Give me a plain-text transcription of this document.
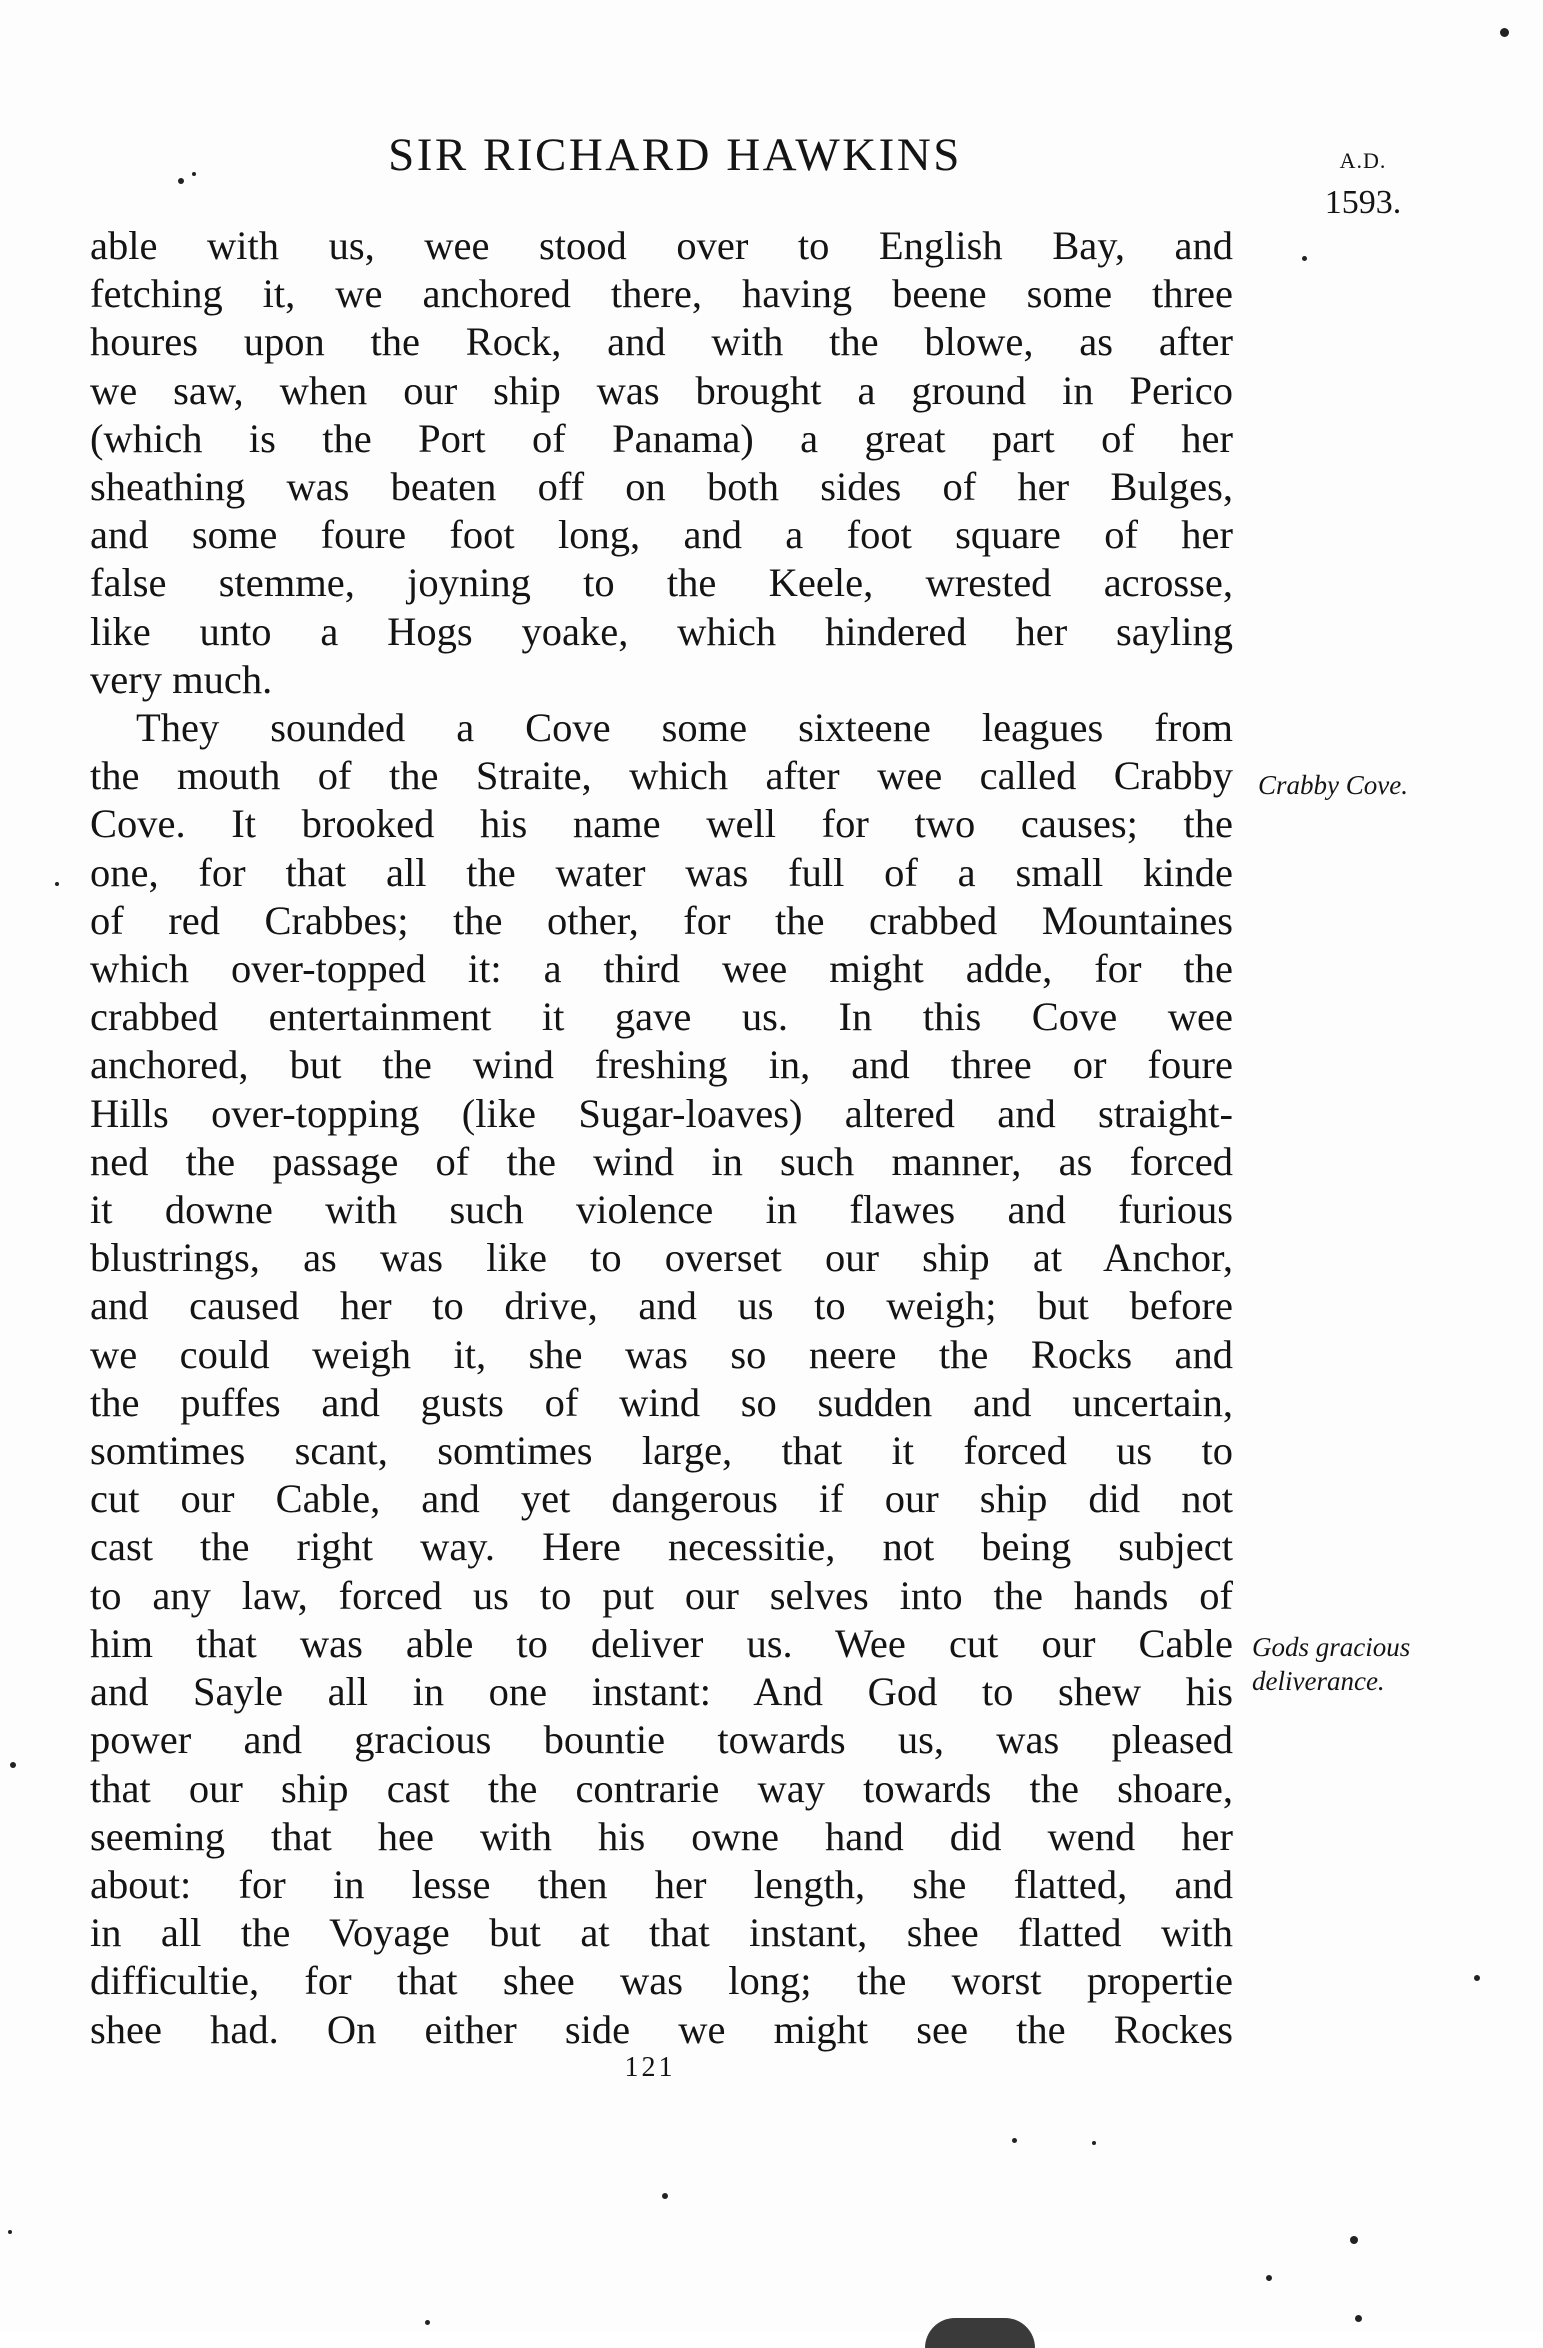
SIR RICHARD HAWKINS	A.D.
1593.

able with us, wee stood over to English Bay, and
fetching it, we anchored there, having beene some three
houres upon the Rock, and with the blowe, as after
we saw, when our ship was brought a ground in Perico
(which is the Port of Panama) a great part of her
sheathing was beaten off on both sides of her Bulges,
and some foure foot long, and a foot square of her
false stemme, joyning to the Keele, wrested acrosse,
like unto a Hogs yoake, which hindered her sayling
very much.

They sounded a Cove some sixteene leagues from
the mouth of the Straite, which after wee called Crabby
Cove. It brooked his name well for two causes; the
one, for that all the water was full of a small kinde
of red Crabbes; the other, for the crabbed Mountaines
which over-topped it: a third wee might adde, for the
crabbed entertainment it gave us. In this Cove wee
anchored, but the wind freshing in, and three or foure
Hills over-topping (like Sugar-loaves) altered and straight-
ned the passage of the wind in such manner, as forced
it downe with such violence in flawes and furious
blustrings, as was like to overset our ship at Anchor,
and caused her to drive, and us to weigh; but before
we could weigh it, she was so neere the Rocks and
the puffes and gusts of wind so sudden and uncertain,
somtimes scant, somtimes large, that it forced us to
cut our Cable, and yet dangerous if our ship did not
cast the right way. Here necessitie, not being subject
to any law, forced us to put our selves into the hands of
him that was able to deliver us. Wee cut our Cable
and Sayle all in one instant: And God to shew his
power and gracious bountie towards us, was pleased
that our ship cast the contrarie way towards the shoare,
seeming that hee with his owne hand did wend her
about: for in lesse then her length, she flatted, and
in all the Voyage but at that instant, shee flatted with
difficultie, for that shee was long; the worst propertie
shee had. On either side we might see the Rockes

Crabby Cove.
Gods gracious
deliverance.
121
